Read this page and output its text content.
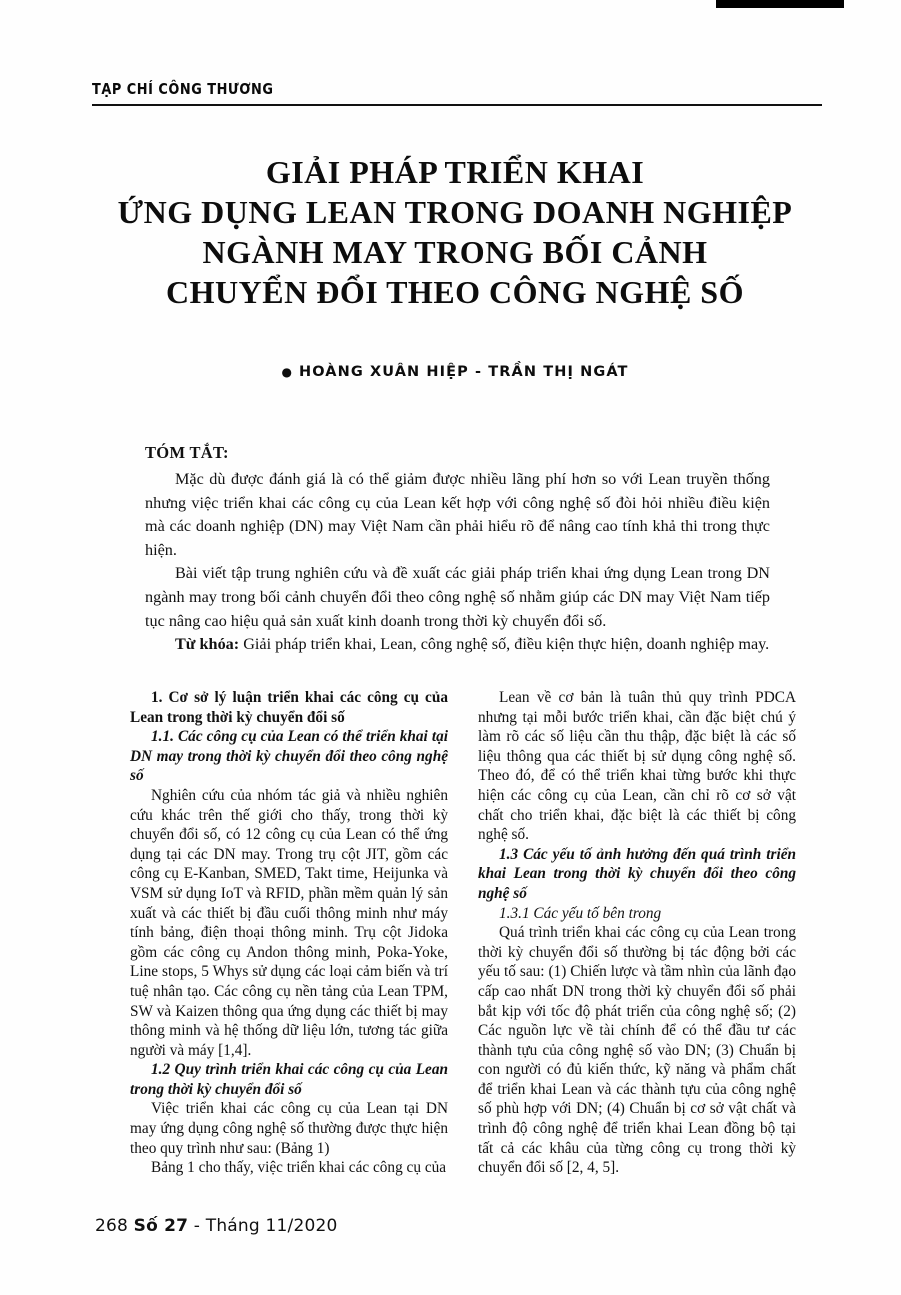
TẠP CHÍ CÔNG THƯƠNG
GIẢI PHÁP TRIỂN KHAI
ỨNG DỤNG LEAN TRONG DOANH NGHIỆP
NGÀNH MAY TRONG BỐI CẢNH
CHUYỂN ĐỔI THEO CÔNG NGHỆ SỐ
● HOÀNG XUÂN HIỆP - TRẦN THỊ NGÁT
TÓM TẮT:

Mặc dù được đánh giá là có thể giảm được nhiều lãng phí hơn so với Lean truyền thống nhưng việc triển khai các công cụ của Lean kết hợp với công nghệ số đòi hỏi nhiều điều kiện mà các doanh nghiệp (DN) may Việt Nam cần phải hiểu rõ để nâng cao tính khả thi trong thực hiện.

Bài viết tập trung nghiên cứu và đề xuất các giải pháp triển khai ứng dụng Lean trong DN ngành may trong bối cảnh chuyển đổi theo công nghệ số nhằm giúp các DN may Việt Nam tiếp tục nâng cao hiệu quả sản xuất kinh doanh trong thời kỳ chuyển đổi số.

Từ khóa: Giải pháp triển khai, Lean, công nghệ số, điều kiện thực hiện, doanh nghiệp may.

1. Cơ sở lý luận triển khai các công cụ của Lean trong thời kỳ chuyển đổi số

1.1. Các công cụ của Lean có thể triển khai tại DN may trong thời kỳ chuyển đổi theo công nghệ số

Nghiên cứu của nhóm tác giả và nhiều nghiên cứu khác trên thế giới cho thấy, trong thời kỳ chuyển đổi số, có 12 công cụ của Lean có thể ứng dụng tại các DN may. Trong trụ cột JIT, gồm các công cụ E-Kanban, SMED, Takt time, Heijunka và VSM sử dụng IoT và RFID, phần mềm quản lý sản xuất và các thiết bị đầu cuối thông minh như máy tính bảng, điện thoại thông minh. Trụ cột Jidoka gồm các công cụ Andon thông minh, Poka-Yoke, Line stops, 5 Whys sử dụng các loại cảm biến và trí tuệ nhân tạo. Các công cụ nền tảng của Lean TPM, SW và Kaizen thông qua ứng dụng các thiết bị may thông minh và hệ thống dữ liệu lớn, tương tác giữa người và máy [1,4].

1.2 Quy trình triển khai các công cụ của Lean trong thời kỳ chuyển đổi số

Việc triển khai các công cụ của Lean tại DN may ứng dụng công nghệ số thường được thực hiện theo quy trình như sau: (Bảng 1)

Bảng 1 cho thấy, việc triển khai các công cụ của

Lean về cơ bản là tuân thủ quy trình PDCA nhưng tại mỗi bước triển khai, cần đặc biệt chú ý làm rõ các số liệu cần thu thập, đặc biệt là các số liệu thông qua các thiết bị sử dụng công nghệ số. Theo đó, để có thể triển khai từng bước khi thực hiện các công cụ của Lean, cần chỉ rõ cơ sở vật chất cho triển khai, đặc biệt là các thiết bị công nghệ số.

1.3 Các yếu tố ảnh hưởng đến quá trình triển khai Lean trong thời kỳ chuyển đổi theo công nghệ số

1.3.1 Các yếu tố bên trong

Quá trình triển khai các công cụ của Lean trong thời kỳ chuyển đổi số thường bị tác động bởi các yếu tố sau: (1) Chiến lược và tầm nhìn của lãnh đạo cấp cao nhất DN trong thời kỳ chuyển đổi số phải bắt kịp với tốc độ phát triển của công nghệ số; (2) Các nguồn lực về tài chính để có thể đầu tư các thành tựu của công nghệ số vào DN; (3) Chuẩn bị con người có đủ kiến thức, kỹ năng và phẩm chất để triển khai Lean và các thành tựu của công nghệ số phù hợp với DN; (4) Chuẩn bị cơ sở vật chất và trình độ công nghệ để triển khai Lean đồng bộ tại tất cả các khâu của từng công cụ trong thời kỳ chuyển đổi số [2, 4, 5].

268 Số 27 - Tháng 11/2020
